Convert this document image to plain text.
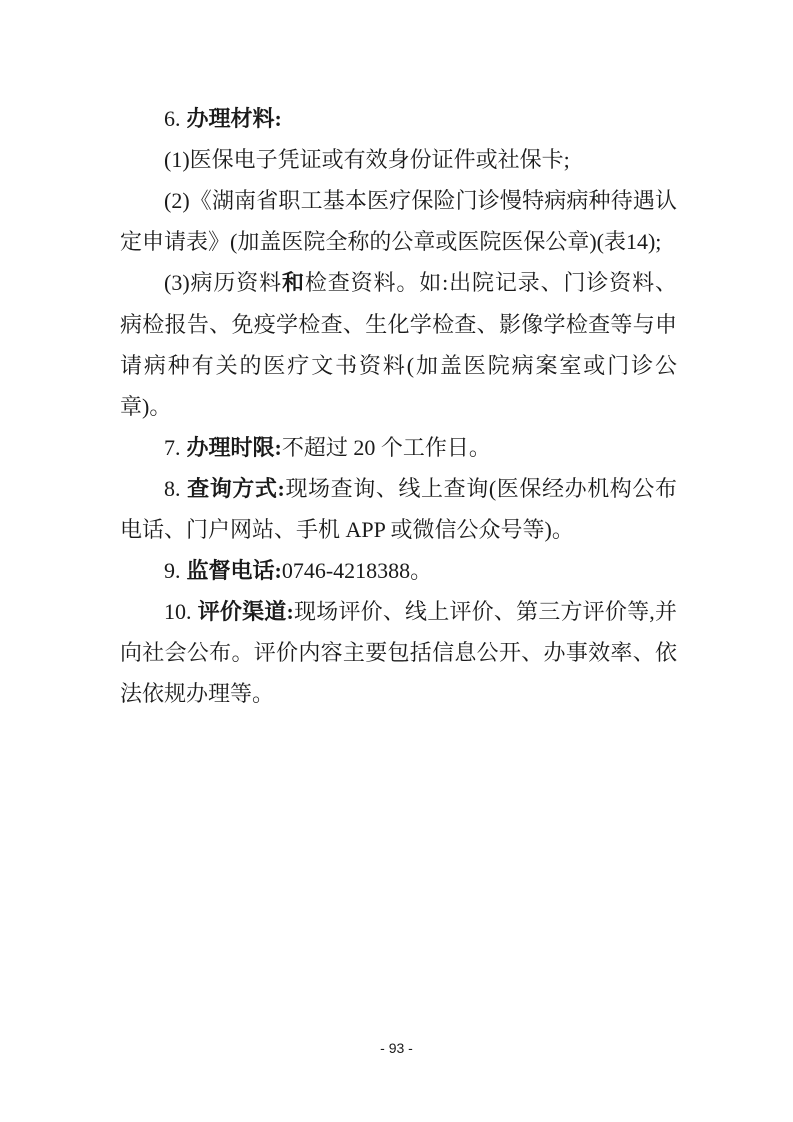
6. 办理材料:

(1)医保电子凭证或有效身份证件或社保卡;

(2)《湖南省职工基本医疗保险门诊慢特病病种待遇认定申请表》(加盖医院全称的公章或医院医保公章)(表14);

(3)病历资料和检查资料。如:出院记录、门诊资料、病检报告、免疫学检查、生化学检查、影像学检查等与申请病种有关的医疗文书资料(加盖医院病案室或门诊公章)。

7. 办理时限:不超过 20 个工作日。

8. 查询方式:现场查询、线上查询(医保经办机构公布电话、门户网站、手机 APP 或微信公众号等)。

9. 监督电话:0746-4218388。

10. 评价渠道:现场评价、线上评价、第三方评价等,并向社会公布。评价内容主要包括信息公开、办事效率、依法依规办理等。

- 93 -
